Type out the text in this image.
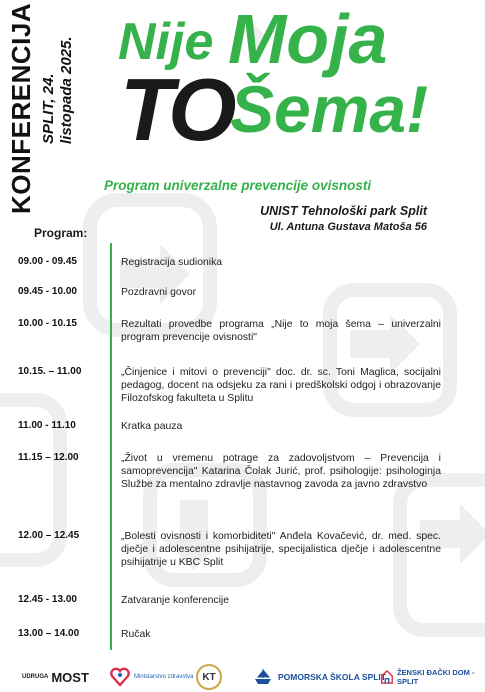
KONFERENCIJA SPLIT, 24. listopada 2025. Nije Moja
TO
Šema!
Program univerzalne prevencije ovisnosti
UNIST Tehnološki park Split
Ul. Antuna Gustava Matoša 56
Program:
09.00 - 09.45	Registracija sudionika
09.45 - 10.00	Pozdravni govor
10.00 - 10.15	Rezultati provedbe programa „Nije to moja šema – univerzalni program prevencije ovisnosti"
10.15. – 11.00	„Činjenice i mitovi o prevenciji" doc. dr. sc. Toni Maglica, socijalni pedagog, docent na odsjeku za rani i predškolski odgoj i obrazovanje Filozofskog fakulteta u Splitu
11.00 - 11.10	Kratka pauza
11.15 – 12.00	„Život u vremenu potrage za zadovoljstvom – Prevencija i samoprevencija" Katarina Čolak Jurić, prof. psihologije: psihologinja Službe za mentalno zdravlje nastavnog zavoda za javno zdravstvo
12.00 – 12.45	„Bolesti ovisnosti i komorbiditeti" Anđela Kovačević, dr. med. spec. dječje i adolescentne psihijatrije, specijalistica dječje i adolescentne psihijatrije u KBC Split
12.45 - 13.00	Zatvaranje konferencije
13.00 – 14.00	Ručak
UDRUGA MOST	Ministarstvo zdravstva KT	POMORSKA ŠKOLA SPLIT ŽENSKI ĐAČKI DOM - SPLIT
